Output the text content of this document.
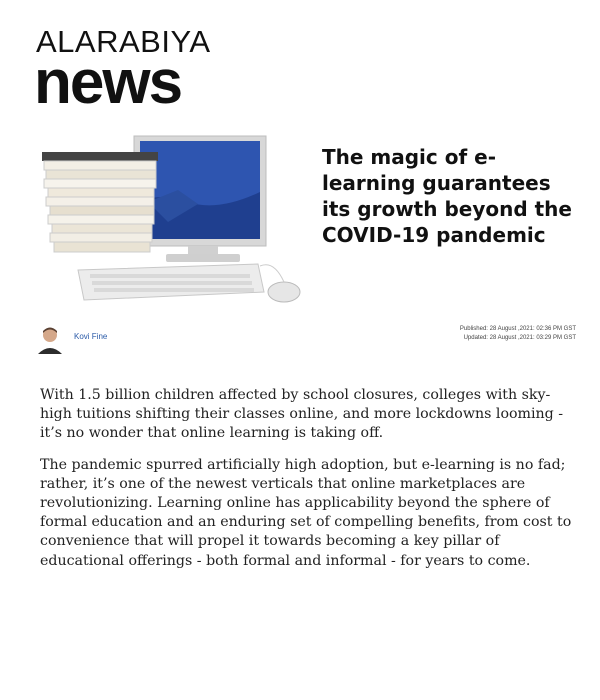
ALARABIYA
news
The magic of e-learning guarantees its growth beyond the COVID-19 pandemic
Kovi Fine
Published: 28 August ,2021: 02:36 PM GST
Updated: 28 August ,2021: 03:29 PM GST

With 1.5 billion children affected by school closures, colleges with sky-high tuitions shifting their classes online, and more lockdowns looming - it’s no wonder that online learning is taking off.

The pandemic spurred artificially high adoption, but e-learning is no fad; rather, it’s one of the newest verticals that online marketplaces are revolutionizing. Learning online has applicability beyond the sphere of formal education and an enduring set of compelling benefits, from cost to convenience that will propel it towards becoming a key pillar of educational offerings - both formal and informal - for years to come.
